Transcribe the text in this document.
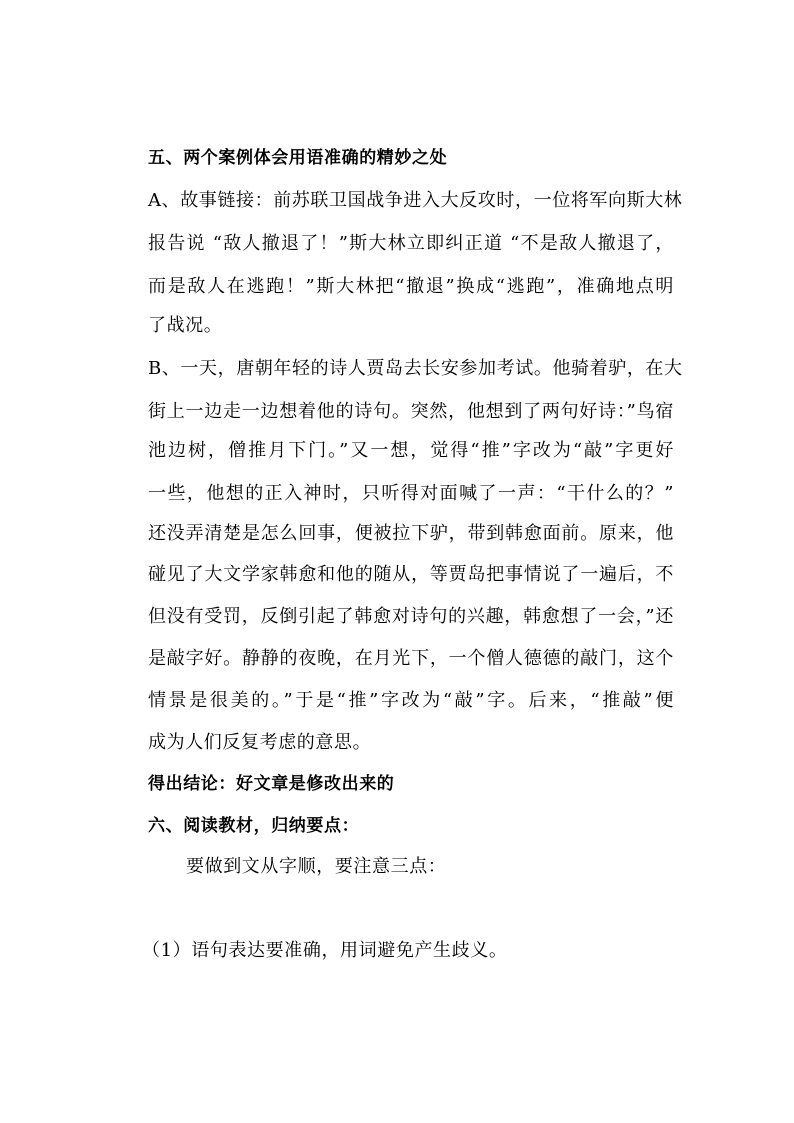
五、两个案例体会用语准确的精妙之处
A、故事链接：前苏联卫国战争进入大反攻时，一位将军向斯大林
报告说 “敌人撤退了！”斯大林立即纠正道 “不是敌人撤退了，
而是敌人在逃跑！”斯大林把“撤退”换成“逃跑”，准确地点明
了战况。
B、一天，唐朝年轻的诗人贾岛去长安参加考试。他骑着驴，在大
街上一边走一边想着他的诗句。突然，他想到了两句好诗：”鸟宿
池边树，僧推月下门。”又一想，觉得“推”字改为“敲”字更好
一些，他想的正入神时，只听得对面喊了一声：“干什么的？”
还没弄清楚是怎么回事，便被拉下驴，带到韩愈面前。原来，他
碰见了大文学家韩愈和他的随从，等贾岛把事情说了一遍后，不
但没有受罚，反倒引起了韩愈对诗句的兴趣，韩愈想了一会，”还
是敲字好。静静的夜晚，在月光下，一个僧人德德的敲门，这个
情景是很美的。”于是“推”字改为“敲”字。后来，“推敲”便
成为人们反复考虑的意思。
得出结论：好文章是修改出来的
六、阅读教材，归纳要点：
要做到文从字顺，要注意三点：
（1）语句表达要准确，用词避免产生歧义。
